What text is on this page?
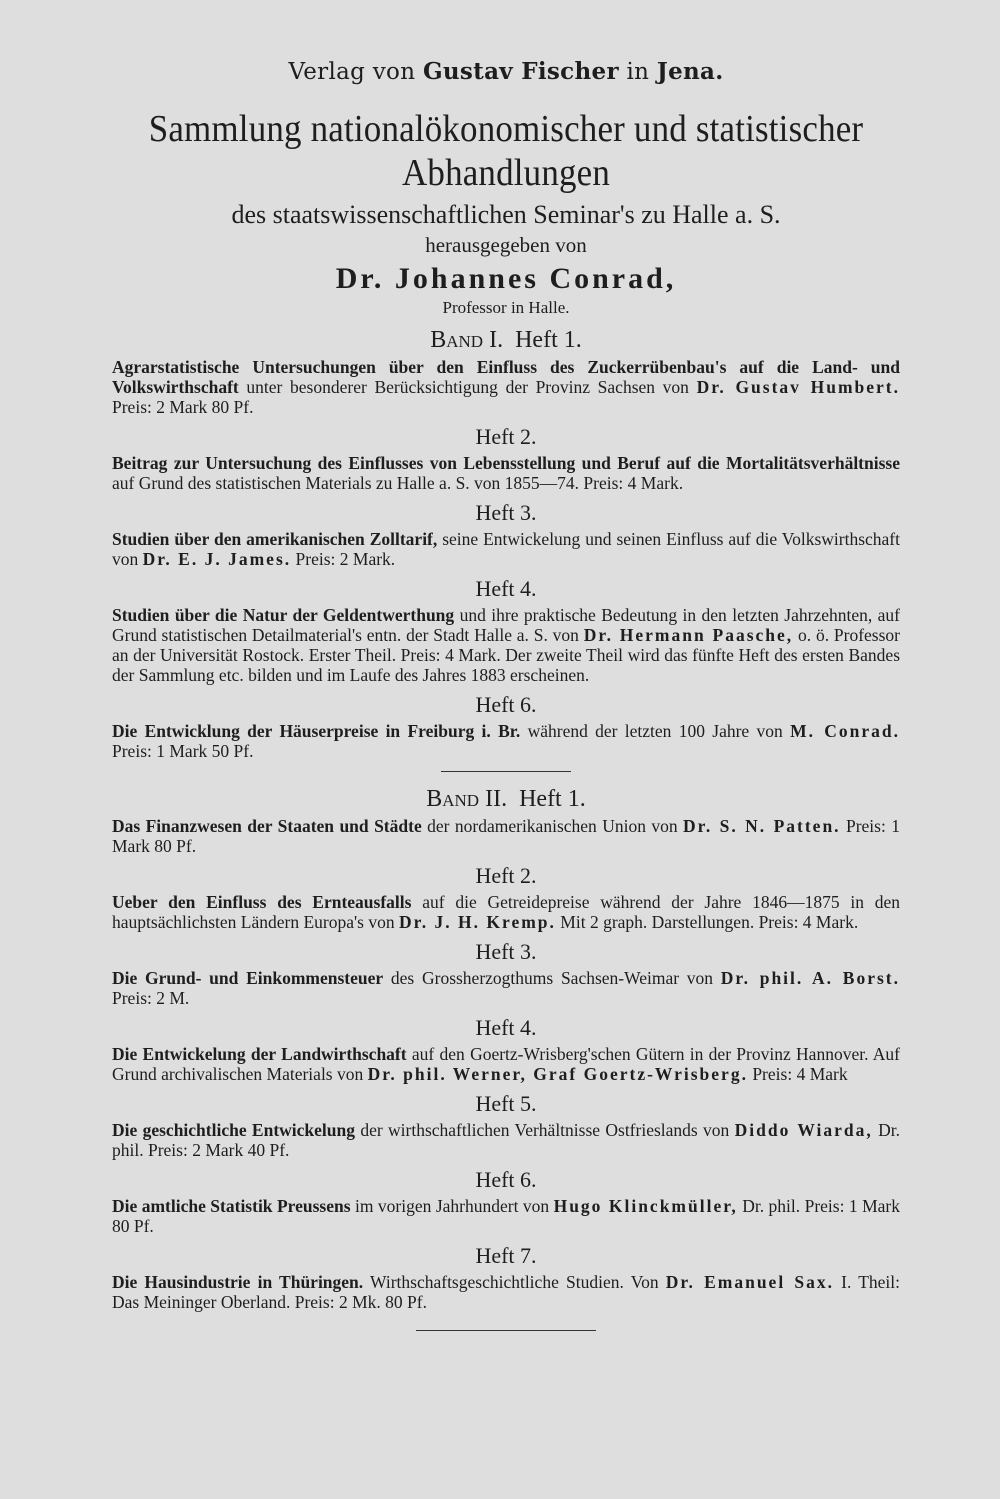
Verlag von Gustav Fischer in Jena.
Sammlung nationalökonomischer und statistischer
Abhandlungen
des staatswissenschaftlichen Seminar's zu Halle a. S.
herausgegeben von
Dr. Johannes Conrad,
Professor in Halle.
Band I. Heft 1.
Agrarstatistische Untersuchungen über den Einfluss des Zuckerrübenbau's auf die Land- und Volkswirthschaft unter besonderer Berücksichtigung der Provinz Sachsen von Dr. Gustav Humbert. Preis: 2 Mark 80 Pf.
Heft 2.
Beitrag zur Untersuchung des Einflusses von Lebensstellung und Beruf auf die Mortalitätsverhältnisse auf Grund des statistischen Materials zu Halle a. S. von 1855—74. Preis: 4 Mark.
Heft 3.
Studien über den amerikanischen Zolltarif, seine Entwickelung und seinen Einfluss auf die Volkswirthschaft von Dr. E. J. James. Preis: 2 Mark.
Heft 4.
Studien über die Natur der Geldentwerthung und ihre praktische Bedeutung in den letzten Jahrzehnten, auf Grund statistischen Detailmaterial's entn. der Stadt Halle a. S. von Dr. Hermann Paasche, o. ö. Professor an der Universität Rostock. Erster Theil. Preis: 4 Mark. Der zweite Theil wird das fünfte Heft des ersten Bandes der Sammlung etc. bilden und im Laufe des Jahres 1883 erscheinen.
Heft 6.
Die Entwicklung der Häuserpreise in Freiburg i. Br. während der letzten 100 Jahre von M. Conrad. Preis: 1 Mark 50 Pf.
Band II. Heft 1.
Das Finanzwesen der Staaten und Städte der nordamerikanischen Union von Dr. S. N. Patten. Preis: 1 Mark 80 Pf.
Heft 2.
Ueber den Einfluss des Ernteausfalls auf die Getreidepreise während der Jahre 1846—1875 in den hauptsächlichsten Ländern Europa's von Dr. J. H. Kremp. Mit 2 graph. Darstellungen. Preis: 4 Mark.
Heft 3.
Die Grund- und Einkommensteuer des Grossherzogthums Sachsen-Weimar von Dr. phil. A. Borst. Preis: 2 M.
Heft 4.
Die Entwickelung der Landwirthschaft auf den Goertz-Wrisberg'schen Gütern in der Provinz Hannover. Auf Grund archivalischen Materials von Dr. phil. Werner, Graf Goertz-Wrisberg. Preis: 4 Mark
Heft 5.
Die geschichtliche Entwickelung der wirthschaftlichen Verhältnisse Ostfrieslands von Diddo Wiarda, Dr. phil. Preis: 2 Mark 40 Pf.
Heft 6.
Die amtliche Statistik Preussens im vorigen Jahrhundert von Hugo Klinckmüller, Dr. phil. Preis: 1 Mark 80 Pf.
Heft 7.
Die Hausindustrie in Thüringen. Wirthschaftsgeschichtliche Studien. Von Dr. Emanuel Sax. I. Theil: Das Meininger Oberland. Preis: 2 Mk. 80 Pf.
